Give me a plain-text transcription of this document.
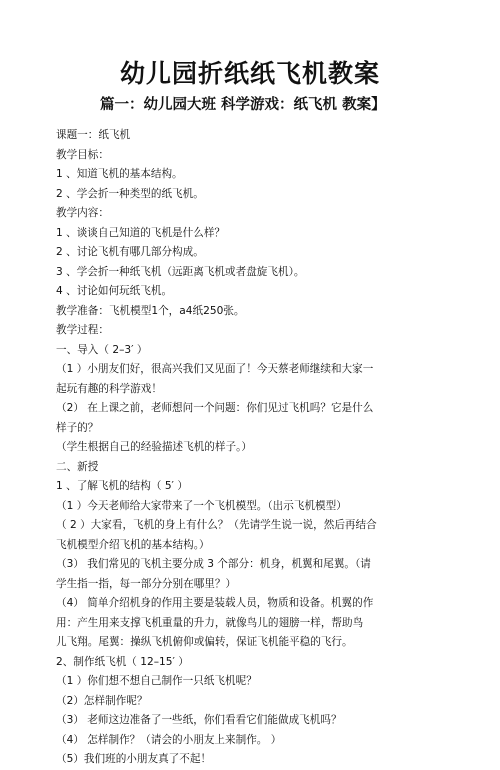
幼儿园折纸纸飞机教案
篇一：幼儿园大班 科学游戏：纸飞机 教案】
课题一：纸飞机
教学目标：
1 、知道飞机的基本结构。
2 、学会折一种类型的纸飞机。
教学内容：
1 、谈谈自己知道的飞机是什么样？
2 、讨论飞机有哪几部分构成。
3 、学会折一种纸飞机（远距离飞机或者盘旋飞机）。
4 、讨论如何玩纸飞机。
教学准备：飞机模型1个，a4纸250张。
教学过程：
一、导入（ 2–3′ ）
（1 ）小朋友们好，很高兴我们又见面了！今天蔡老师继续和大家一
起玩有趣的科学游戏！
（2） 在上课之前，老师想问一个问题：你们见过飞机吗？它是什么
样子的？
（学生根据自己的经验描述飞机的样子。）
二、新授
1 、了解飞机的结构（ 5′ ）
（1 ）今天老师给大家带来了一个飞机模型。（出示飞机模型）
（ 2 ）大家看，飞机的身上有什么？（先请学生说一说，然后再结合
飞机模型介绍飞机的基本结构。）
（3） 我们常见的飞机主要分成 3 个部分：机身，机翼和尾翼。（请
学生指一指，每一部分分别在哪里？）
（4） 简单介绍机身的作用主要是装载人员，物质和设备。机翼的作
用：产生用来支撑飞机重量的升力，就像鸟儿的翅膀一样，帮助鸟
儿飞翔。尾翼：操纵飞机俯仰或偏转，保证飞机能平稳的飞行。
2、制作纸飞机（ 12–15′ ）
（1 ）你们想不想自己制作一只纸飞机呢？
（2）怎样制作呢？
（3） 老师这边准备了一些纸，你们看看它们能做成飞机吗？
（4） 怎样制作？（请会的小朋友上来制作。 ）
（5）我们班的小朋友真了不起！
